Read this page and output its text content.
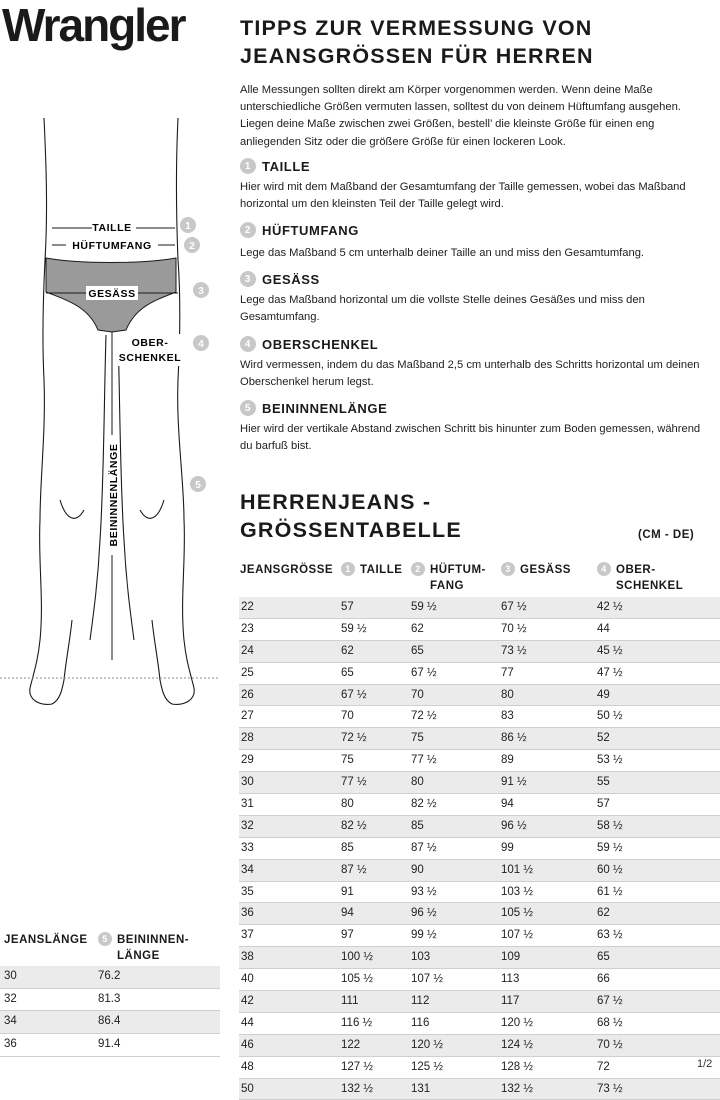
Wrangler	TIPPS ZUR VERMESSUNG VON
JEANSGRÖSSEN FÜR HERREN
Alle Messungen sollten direkt am Körper vorgenommen werden. Wenn deine Maße unterschiedliche Größen vermuten lassen, solltest du von deinem Hüftumfang ausgehen. Liegen deine Maße zwischen zwei Größen, bestell’ die kleinste Größe für einen eng anliegenden Sitz oder die größere Größe für einen lockeren Look.
1 TAILLE
Hier wird mit dem Maßband der Gesamtumfang der Taille gemessen, wobei das Maßband horizontal um den kleinsten Teil der Taille gelegt wird.
2 HÜFTUMFANG
Lege das Maßband 5 cm unterhalb deiner Taille an und miss den Gesamtumfang.
3 GESÄSS
Lege das Maßband horizontal um die vollste Stelle deines Gesäßes und miss den Gesamtumfang.
4 OBERSCHENKEL
Wird vermessen, indem du das Maßband 2,5 cm unterhalb des Schritts horizontal um deinen Oberschenkel herum legst.
5 BEININNENLÄNGE
Hier wird der vertikale Abstand zwischen Schritt bis hinunter zum Boden gemessen, während du barfuß bist.
TAILLE
HÜFTUMFANG
GESÄSS
OBER-
SCHENKEL
BEININNENLÄNGE
1
2
3
4
5
HERRENJEANS -
GRÖSSENTABELLE	(CM - DE)
JEANSGRÖSSE	1 TAILLE	2 HÜFTUM-
FANG
3 GESÄSS	4 OBER-
SCHENKEL
22	57	59 ½	67 ½	42 ½
23	59 ½	62	70 ½	44
24	62	65	73 ½	45 ½
25	65	67 ½	77	47 ½
26	67 ½	70	80	49
27	70	72 ½	83	50 ½
28	72 ½	75	86 ½	52
29	75	77 ½	89	53 ½
30	77 ½	80	91 ½	55
31	80	82 ½	94	57
32	82 ½	85	96 ½	58 ½
33	85	87 ½	99	59 ½
34	87 ½	90	101 ½	60 ½
35	91	93 ½	103 ½	61 ½
36	94	96 ½	105 ½	62
37	97	99 ½	107 ½	63 ½
38	100 ½	103	109	65
40	105 ½	107 ½	113	66
42	111	112	117	67 ½
44	116 ½	116	120 ½	68 ½
46	122	120 ½	124 ½	70 ½
48	127 ½	125 ½	128 ½	72
50	132 ½	131	132 ½	73 ½
JEANSLÄNGE	5 BEININNEN-
LÄNGE
30	76.2
32	81.3
34	86.4
36	91.4
1/2
